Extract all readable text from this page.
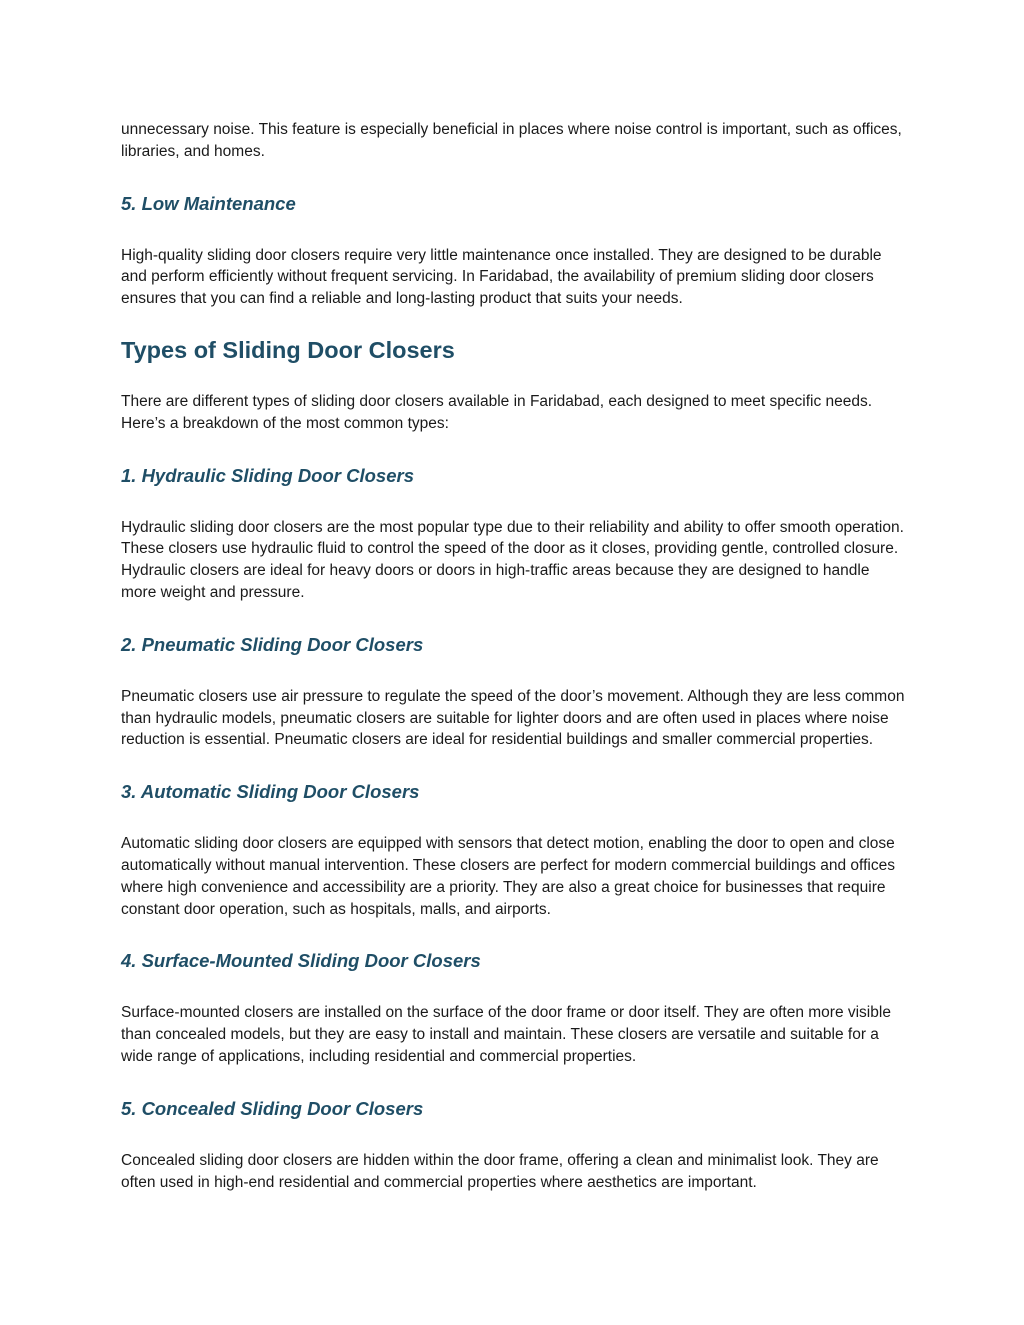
unnecessary noise. This feature is especially beneficial in places where noise control is important, such as offices, libraries, and homes.

5. Low Maintenance

High-quality sliding door closers require very little maintenance once installed. They are designed to be durable and perform efficiently without frequent servicing. In Faridabad, the availability of premium sliding door closers ensures that you can find a reliable and long-lasting product that suits your needs.

Types of Sliding Door Closers

There are different types of sliding door closers available in Faridabad, each designed to meet specific needs. Here’s a breakdown of the most common types:

1. Hydraulic Sliding Door Closers

Hydraulic sliding door closers are the most popular type due to their reliability and ability to offer smooth operation. These closers use hydraulic fluid to control the speed of the door as it closes, providing gentle, controlled closure. Hydraulic closers are ideal for heavy doors or doors in high-traffic areas because they are designed to handle more weight and pressure.

2. Pneumatic Sliding Door Closers

Pneumatic closers use air pressure to regulate the speed of the door’s movement. Although they are less common than hydraulic models, pneumatic closers are suitable for lighter doors and are often used in places where noise reduction is essential. Pneumatic closers are ideal for residential buildings and smaller commercial properties.

3. Automatic Sliding Door Closers

Automatic sliding door closers are equipped with sensors that detect motion, enabling the door to open and close automatically without manual intervention. These closers are perfect for modern commercial buildings and offices where high convenience and accessibility are a priority. They are also a great choice for businesses that require constant door operation, such as hospitals, malls, and airports.

4. Surface-Mounted Sliding Door Closers

Surface-mounted closers are installed on the surface of the door frame or door itself. They are often more visible than concealed models, but they are easy to install and maintain. These closers are versatile and suitable for a wide range of applications, including residential and commercial properties.

5. Concealed Sliding Door Closers

Concealed sliding door closers are hidden within the door frame, offering a clean and minimalist look. They are often used in high-end residential and commercial properties where aesthetics are important.
